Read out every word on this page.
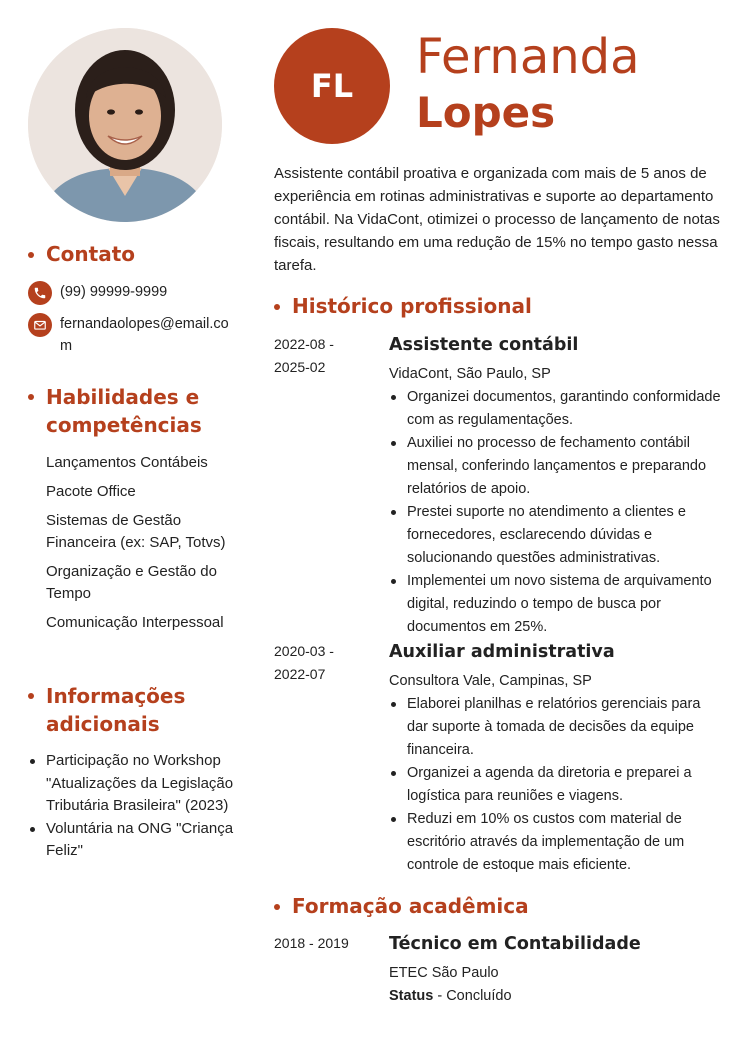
Contato
(99) 99999-9999
fernandaolopes@email.com
Habilidades e
competências
Lançamentos Contábeis
Pacote Office
Sistemas de Gestão Financeira (ex: SAP, Totvs)
Organização e Gestão do Tempo
Comunicação Interpessoal
Informações
adicionais
Participação no Workshop "Atualizações da Legislação Tributária Brasileira" (2023)
Voluntária na ONG "Criança Feliz"
FL
Fernanda
Lopes

Assistente contábil proativa e organizada com mais de 5 anos de experiência em rotinas administrativas e suporte ao departamento contábil. Na VidaCont, otimizei o processo de lançamento de notas fiscais, resultando em uma redução de 15% no tempo gasto nessa tarefa.

Histórico profissional
2022-08 -
2025-02
Assistente contábil
VidaCont, São Paulo, SP
Organizei documentos, garantindo conformidade com as regulamentações.
Auxiliei no processo de fechamento contábil mensal, conferindo lançamentos e preparando relatórios de apoio.
Prestei suporte no atendimento a clientes e fornecedores, esclarecendo dúvidas e solucionando questões administrativas.
Implementei um novo sistema de arquivamento digital, reduzindo o tempo de busca por documentos em 25%.
2020-03 -
2022-07
Auxiliar administrativa
Consultora Vale, Campinas, SP
Elaborei planilhas e relatórios gerenciais para dar suporte à tomada de decisões da equipe financeira.
Organizei a agenda da diretoria e preparei a logística para reuniões e viagens.
Reduzi em 10% os custos com material de escritório através da implementação de um controle de estoque mais eficiente.
Formação acadêmica
2018 - 2019	Técnico em Contabilidade
ETEC São Paulo
Status - Concluído
